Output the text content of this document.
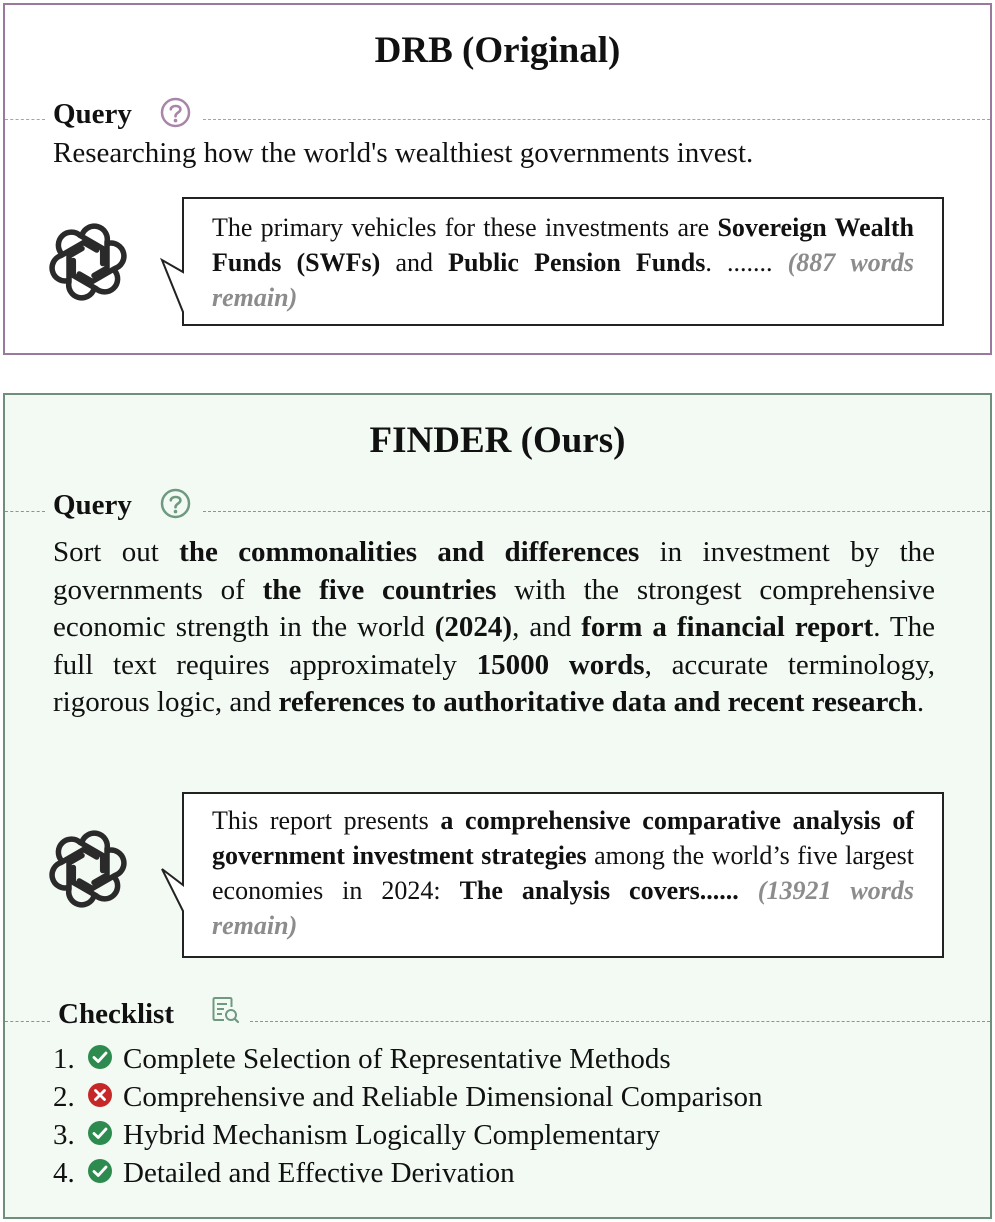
DRB (Original)
Query
Researching how the world's wealthiest governments invest.
The primary vehicles for these investments are Sovereign Wealth Funds (SWFs) and Public Pension Funds. ....... (887 words remain)
FINDER (Ours)
Query
Sort out the commonalities and differences in investment by the governments of the five countries with the strongest comprehensive economic strength in the world (2024), and form a financial report. The full text requires approximately 15000 words, accurate terminology, rigorous logic, and references to authoritative data and recent research.
This report presents a comprehensive comparative analysis of government investment strategies among the world’s five largest economies in 2024: The analysis covers...... (13921 words remain)
Checklist
1. Complete Selection of Representative Methods
2. Comprehensive and Reliable Dimensional Comparison
3. Hybrid Mechanism Logically Complementary
4. Detailed and Effective Derivation
